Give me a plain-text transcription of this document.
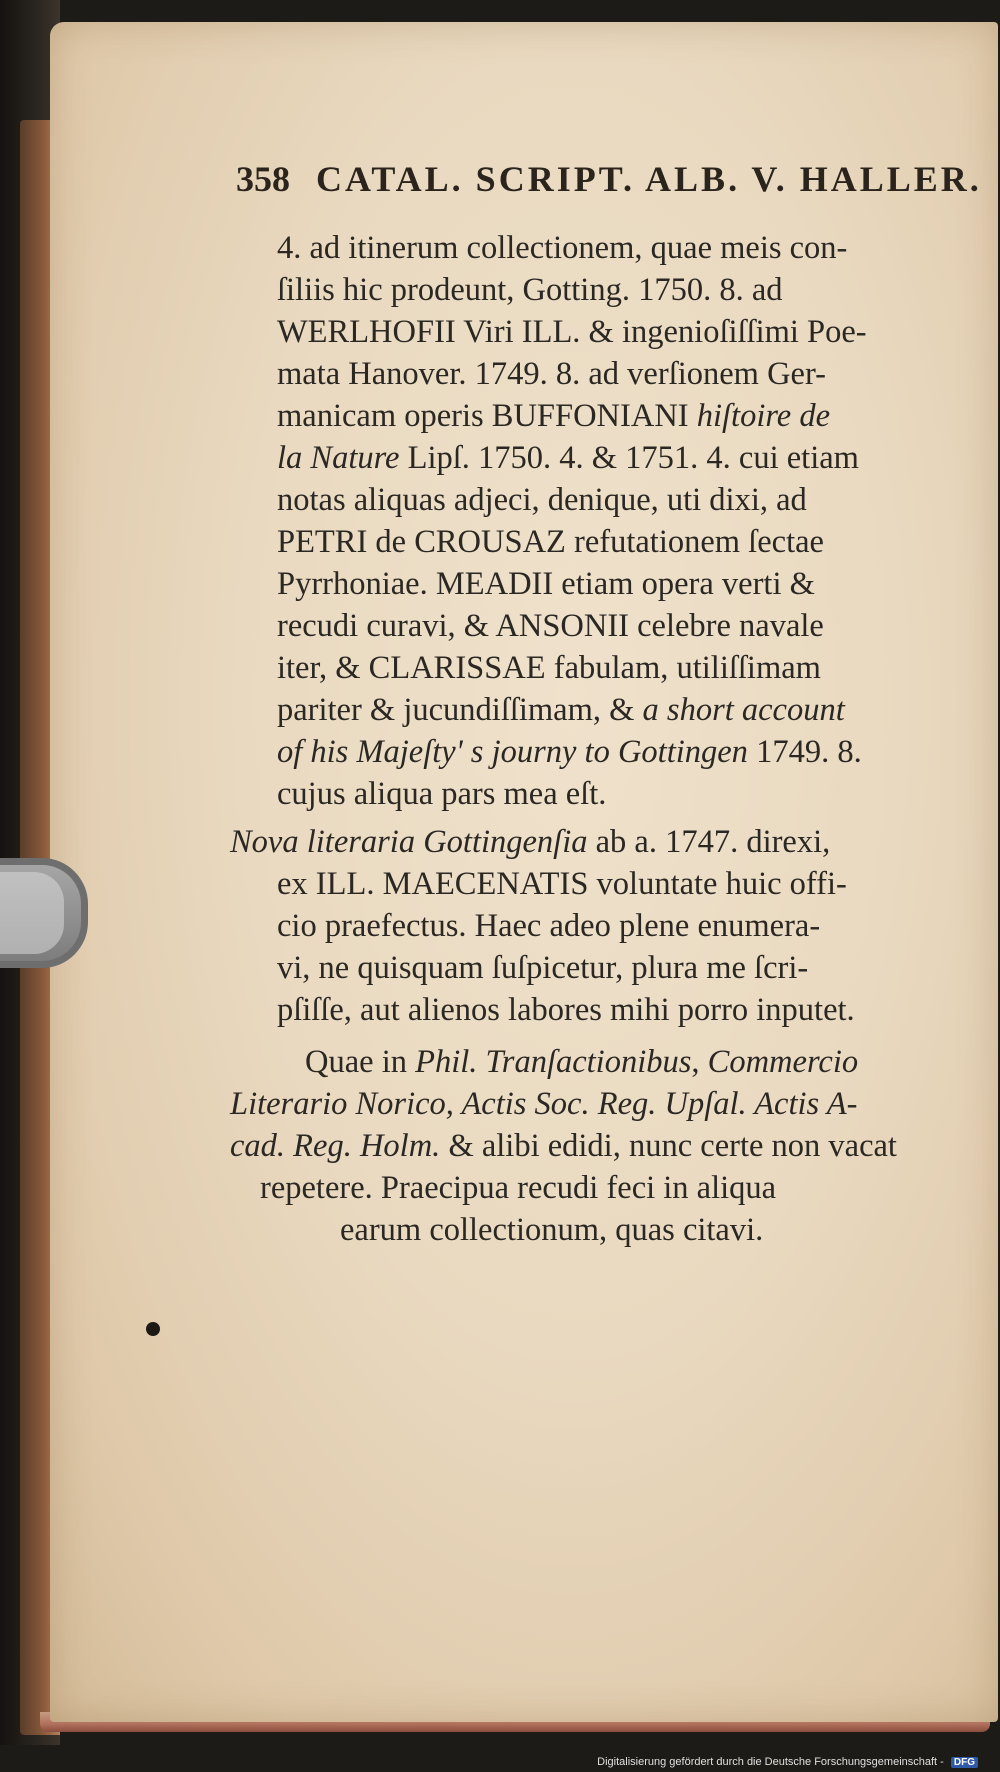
358 CATAL. SCRIPT. ALB. V. HALLER.
4. ad itinerum collectionem, quae meis con-
ſiliis hic prodeunt, Gotting. 1750. 8. ad
WERLHOFII Viri ILL. & ingenioſiſſimi Poe-
mata Hanover. 1749. 8. ad verſionem Ger-
manicam operis BUFFONIANI hiſtoire de
la Nature Lipſ. 1750. 4. & 1751. 4. cui etiam
notas aliquas adjeci, denique, uti dixi, ad
PETRI de CROUSAZ refutationem ſectae
Pyrrhoniae. MEADII etiam opera verti &
recudi curavi, & ANSONII celebre navale
iter, & CLARISSAE fabulam, utiliſſimam
pariter & jucundiſſimam, & a short account
of his Majeſty' s journy to Gottingen 1749. 8.
cujus aliqua pars mea eſt.
Nova literaria Gottingenſia ab a. 1747. direxi,
ex ILL. MAECENATIS voluntate huic offi-
cio praefectus. Haec adeo plene enumera-
vi, ne quisquam ſuſpicetur, plura me ſcri-
pſiſſe, aut alienos labores mihi porro inputet.
Quae in Phil. Tranſactionibus, Commercio
Literario Norico, Actis Soc. Reg. Upſal. Actis A-
cad. Reg. Holm. & alibi edidi, nunc certe non vacat
repetere. Praecipua recudi feci in aliqua
earum collectionum, quas citavi.
Digitalisierung gefördert durch die Deutsche Forschungsgemeinschaft - DFG
